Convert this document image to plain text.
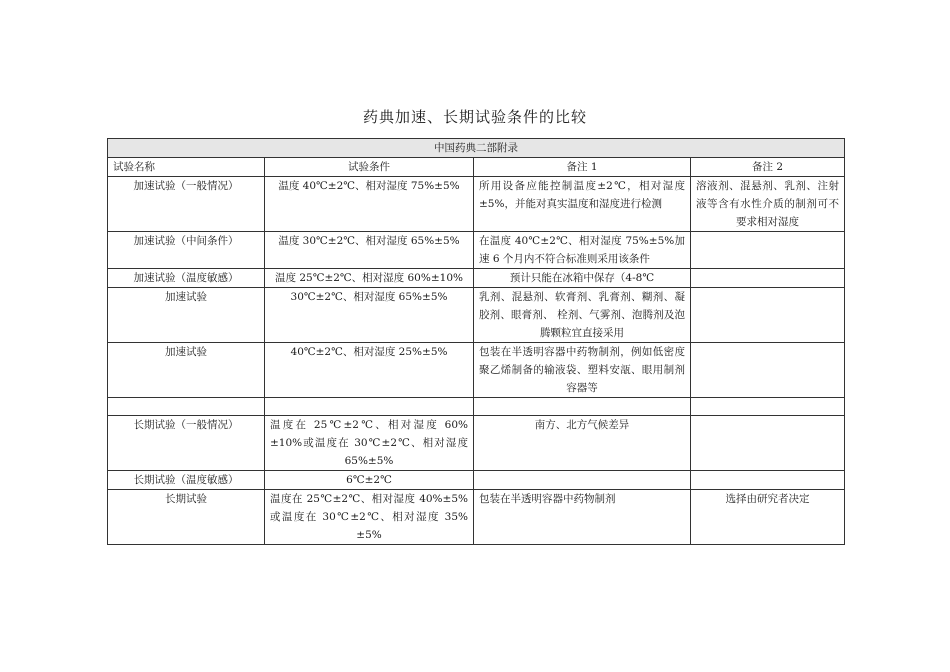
药典加速、长期试验条件的比较
中国药典二部附录			
试验名称	试验条件	备注 1	备注 2
加速试验（一般情况）	温度 40℃±2℃、相对湿度 75%±5%	所用设备应能控制温度±2℃，相对湿度±5%，并能对真实温度和湿度进行检测	溶液剂、混悬剂、乳剂、注射液等含有水性介质的制剂可不要求相对湿度
加速试验（中间条件）	温度 30℃±2℃、相对湿度 65%±5%	在温度 40℃±2℃、相对湿度 75%±5%加速 6 个月内不符合标准则采用该条件	
加速试验（温度敏感）	温度 25℃±2℃、相对湿度 60%±10%	预计只能在冰箱中保存（4-8℃	
加速试验	30℃±2℃、相对湿度 65%±5%	乳剂、混悬剂、软膏剂、乳膏剂、糊剂、凝胶剂、眼膏剂、 栓剂、气雾剂、泡腾剂及泡腾颗粒宜直接采用	
加速试验	40℃±2℃、相对湿度 25%±5%	包装在半透明容器中药物制剂，例如低密度聚乙烯制备的输液袋、塑料安瓿、眼用制剂容器等	

长期试验（一般情况）	温度在 25℃±2℃、相对湿度 60%±10%或温度在 30℃±2℃、相对湿度 65%±5%	南方、北方气候差异	
长期试验（温度敏感）	6℃±2℃		
长期试验	温度在 25℃±2℃、相对湿度 40%±5%或温度在 30℃±2℃、相对湿度 35%±5%	包装在半透明容器中药物制剂	选择由研究者决定
